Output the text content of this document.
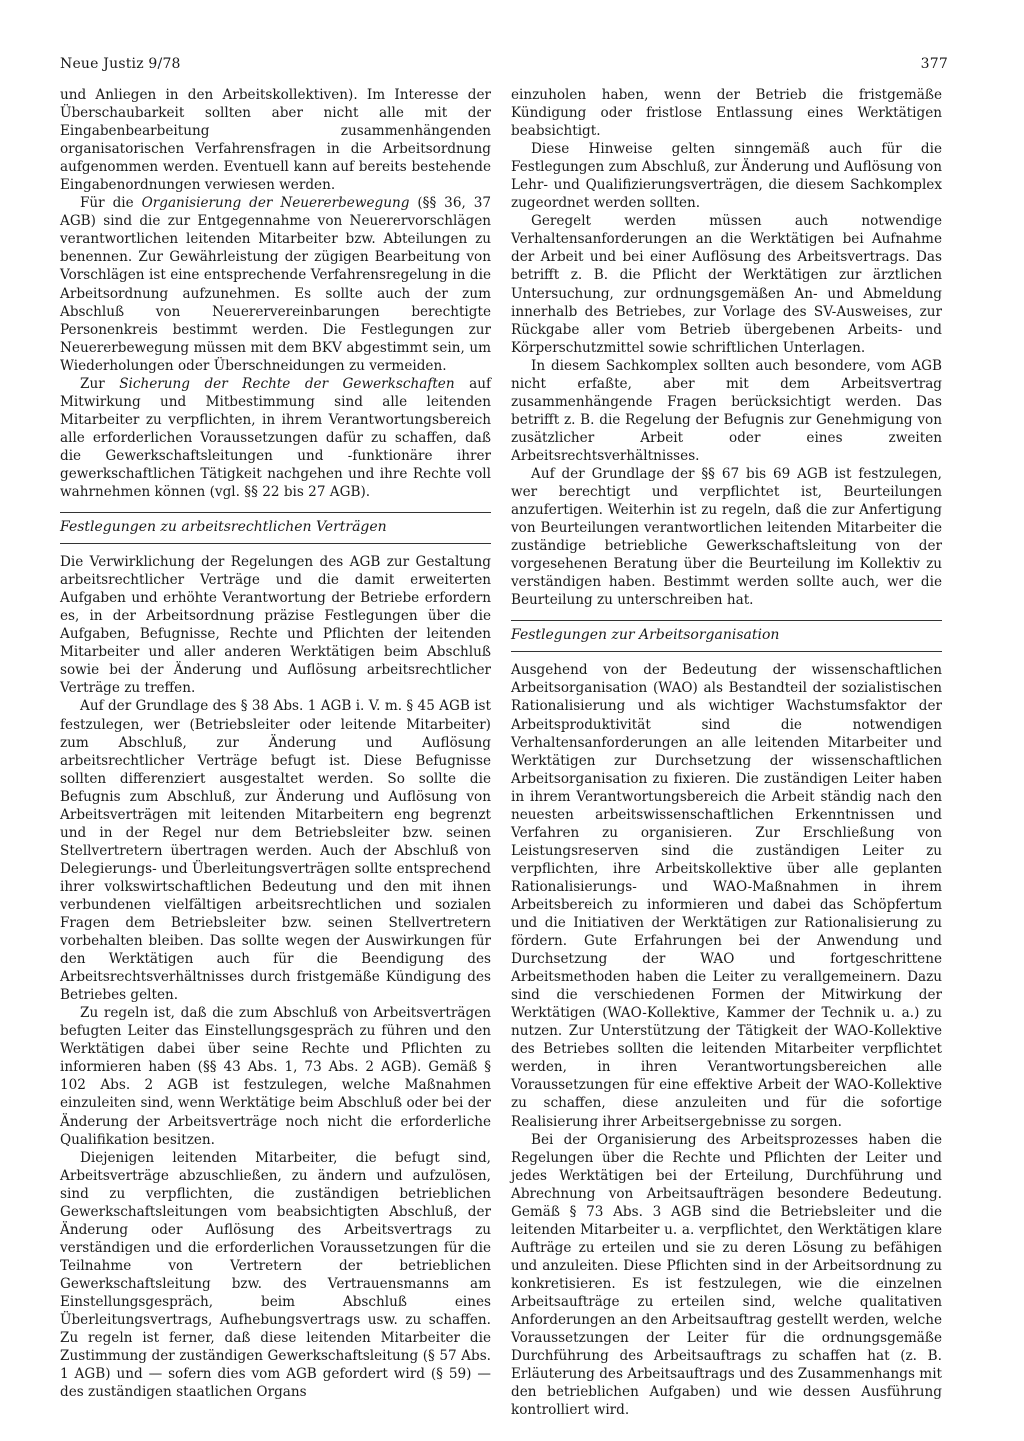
Neue Justiz 9/78	377

und Anliegen in den Arbeitskollektiven). Im Interesse der Überschaubarkeit sollten aber nicht alle mit der Eingabenbearbeitung zusammenhängenden organisatorischen Verfahrensfragen in die Arbeitsordnung aufgenommen werden. Eventuell kann auf bereits bestehende Eingabenordnungen verwiesen werden.

Für die Organisierung der Neuererbewegung (§§ 36, 37 AGB) sind die zur Entgegennahme von Neuerervorschlägen verantwortlichen leitenden Mitarbeiter bzw. Abteilungen zu benennen. Zur Gewährleistung der zügigen Bearbeitung von Vorschlägen ist eine entsprechende Verfahrensregelung in die Arbeitsordnung aufzunehmen. Es sollte auch der zum Abschluß von Neuerervereinbarungen berechtigte Personenkreis bestimmt werden. Die Festlegungen zur Neuererbewegung müssen mit dem BKV abgestimmt sein, um Wiederholungen oder Überschneidungen zu vermeiden.

Zur Sicherung der Rechte der Gewerkschaften auf Mitwirkung und Mitbestimmung sind alle leitenden Mitarbeiter zu verpflichten, in ihrem Verantwortungsbereich alle erforderlichen Voraussetzungen dafür zu schaffen, daß die Gewerkschaftsleitungen und -funktionäre ihrer gewerkschaftlichen Tätigkeit nachgehen und ihre Rechte voll wahrnehmen können (vgl. §§ 22 bis 27 AGB).

Festlegungen zu arbeitsrechtlichen Verträgen

Die Verwirklichung der Regelungen des AGB zur Gestaltung arbeitsrechtlicher Verträge und die damit erweiterten Aufgaben und erhöhte Verantwortung der Betriebe erfordern es, in der Arbeitsordnung präzise Festlegungen über die Aufgaben, Befugnisse, Rechte und Pflichten der leitenden Mitarbeiter und aller anderen Werktätigen beim Abschluß sowie bei der Änderung und Auflösung arbeitsrechtlicher Verträge zu treffen.

Auf der Grundlage des § 38 Abs. 1 AGB i. V. m. § 45 AGB ist festzulegen, wer (Betriebsleiter oder leitende Mitarbeiter) zum Abschluß, zur Änderung und Auflösung arbeitsrechtlicher Verträge befugt ist. Diese Befugnisse sollten differenziert ausgestaltet werden. So sollte die Befugnis zum Abschluß, zur Änderung und Auflösung von Arbeitsverträgen mit leitenden Mitarbeitern eng begrenzt und in der Regel nur dem Betriebsleiter bzw. seinen Stellvertretern übertragen werden. Auch der Abschluß von Delegierungs- und Überleitungsverträgen sollte entsprechend ihrer volkswirtschaftlichen Bedeutung und den mit ihnen verbundenen vielfältigen arbeitsrechtlichen und sozialen Fragen dem Betriebsleiter bzw. seinen Stellvertretern vorbehalten bleiben. Das sollte wegen der Auswirkungen für den Werktätigen auch für die Beendigung des Arbeitsrechtsverhältnisses durch fristgemäße Kündigung des Betriebes gelten.

Zu regeln ist, daß die zum Abschluß von Arbeitsverträgen befugten Leiter das Einstellungsgespräch zu führen und den Werktätigen dabei über seine Rechte und Pflichten zu informieren haben (§§ 43 Abs. 1, 73 Abs. 2 AGB). Gemäß § 102 Abs. 2 AGB ist festzulegen, welche Maßnahmen einzuleiten sind, wenn Werktätige beim Abschluß oder bei der Änderung der Arbeitsverträge noch nicht die erforderliche Qualifikation besitzen.

Diejenigen leitenden Mitarbeiter, die befugt sind, Arbeitsverträge abzuschließen, zu ändern und aufzulösen, sind zu verpflichten, die zuständigen betrieblichen Gewerkschaftsleitungen vom beabsichtigten Abschluß, der Änderung oder Auflösung des Arbeitsvertrags zu verständigen und die erforderlichen Voraussetzungen für die Teilnahme von Vertretern der betrieblichen Gewerkschaftsleitung bzw. des Vertrauensmanns am Einstellungsgespräch, beim Abschluß eines Überleitungsvertrags, Aufhebungsvertrags usw. zu schaffen. Zu regeln ist ferner, daß diese leitenden Mitarbeiter die Zustimmung der zuständigen Gewerkschaftsleitung (§ 57 Abs. 1 AGB) und — sofern dies vom AGB gefordert wird (§ 59) — des zuständigen staatlichen Organs

einzuholen haben, wenn der Betrieb die fristgemäße Kündigung oder fristlose Entlassung eines Werktätigen beabsichtigt.

Diese Hinweise gelten sinngemäß auch für die Festlegungen zum Abschluß, zur Änderung und Auflösung von Lehr- und Qualifizierungsverträgen, die diesem Sachkomplex zugeordnet werden sollten.

Geregelt werden müssen auch notwendige Verhaltensanforderungen an die Werktätigen bei Aufnahme der Arbeit und bei einer Auflösung des Arbeitsvertrags. Das betrifft z. B. die Pflicht der Werktätigen zur ärztlichen Untersuchung, zur ordnungsgemäßen An- und Abmeldung innerhalb des Betriebes, zur Vorlage des SV-Ausweises, zur Rückgabe aller vom Betrieb übergebenen Arbeits- und Körperschutzmittel sowie schriftlichen Unterlagen.

In diesem Sachkomplex sollten auch besondere, vom AGB nicht erfaßte, aber mit dem Arbeitsvertrag zusammenhängende Fragen berücksichtigt werden. Das betrifft z. B. die Regelung der Befugnis zur Genehmigung von zusätzlicher Arbeit oder eines zweiten Arbeitsrechtsverhältnisses.

Auf der Grundlage der §§ 67 bis 69 AGB ist festzulegen, wer berechtigt und verpflichtet ist, Beurteilungen anzufertigen. Weiterhin ist zu regeln, daß die zur Anfertigung von Beurteilungen verantwortlichen leitenden Mitarbeiter die zuständige betriebliche Gewerkschaftsleitung von der vorgesehenen Beratung über die Beurteilung im Kollektiv zu verständigen haben. Bestimmt werden sollte auch, wer die Beurteilung zu unterschreiben hat.

Festlegungen zur Arbeitsorganisation

Ausgehend von der Bedeutung der wissenschaftlichen Arbeitsorganisation (WAO) als Bestandteil der sozialistischen Rationalisierung und als wichtiger Wachstumsfaktor der Arbeitsproduktivität sind die notwendigen Verhaltensanforderungen an alle leitenden Mitarbeiter und Werktätigen zur Durchsetzung der wissenschaftlichen Arbeitsorganisation zu fixieren. Die zuständigen Leiter haben in ihrem Verantwortungsbereich die Arbeit ständig nach den neuesten arbeitswissenschaftlichen Erkenntnissen und Verfahren zu organisieren. Zur Erschließung von Leistungsreserven sind die zuständigen Leiter zu verpflichten, ihre Arbeitskollektive über alle geplanten Rationalisierungs- und WAO-Maßnahmen in ihrem Arbeitsbereich zu informieren und dabei das Schöpfertum und die Initiativen der Werktätigen zur Rationalisierung zu fördern. Gute Erfahrungen bei der Anwendung und Durchsetzung der WAO und fortgeschrittene Arbeitsmethoden haben die Leiter zu verallgemeinern. Dazu sind die verschiedenen Formen der Mitwirkung der Werktätigen (WAO-Kollektive, Kammer der Technik u. a.) zu nutzen. Zur Unterstützung der Tätigkeit der WAO-Kollektive des Betriebes sollten die leitenden Mitarbeiter verpflichtet werden, in ihren Verantwortungsbereichen alle Voraussetzungen für eine effektive Arbeit der WAO-Kollektive zu schaffen, diese anzuleiten und für die sofortige Realisierung ihrer Arbeitsergebnisse zu sorgen.

Bei der Organisierung des Arbeitsprozesses haben die Regelungen über die Rechte und Pflichten der Leiter und jedes Werktätigen bei der Erteilung, Durchführung und Abrechnung von Arbeitsaufträgen besondere Bedeutung. Gemäß § 73 Abs. 3 AGB sind die Betriebsleiter und die leitenden Mitarbeiter u. a. verpflichtet, den Werktätigen klare Aufträge zu erteilen und sie zu deren Lösung zu befähigen und anzuleiten. Diese Pflichten sind in der Arbeitsordnung zu konkretisieren. Es ist festzulegen, wie die einzelnen Arbeitsaufträge zu erteilen sind, welche qualitativen Anforderungen an den Arbeitsauftrag gestellt werden, welche Voraussetzungen der Leiter für die ordnungsgemäße Durchführung des Arbeitsauftrags zu schaffen hat (z. B. Erläuterung des Arbeitsauftrags und des Zusammenhangs mit den betrieblichen Aufgaben) und wie dessen Ausführung kontrolliert wird.
